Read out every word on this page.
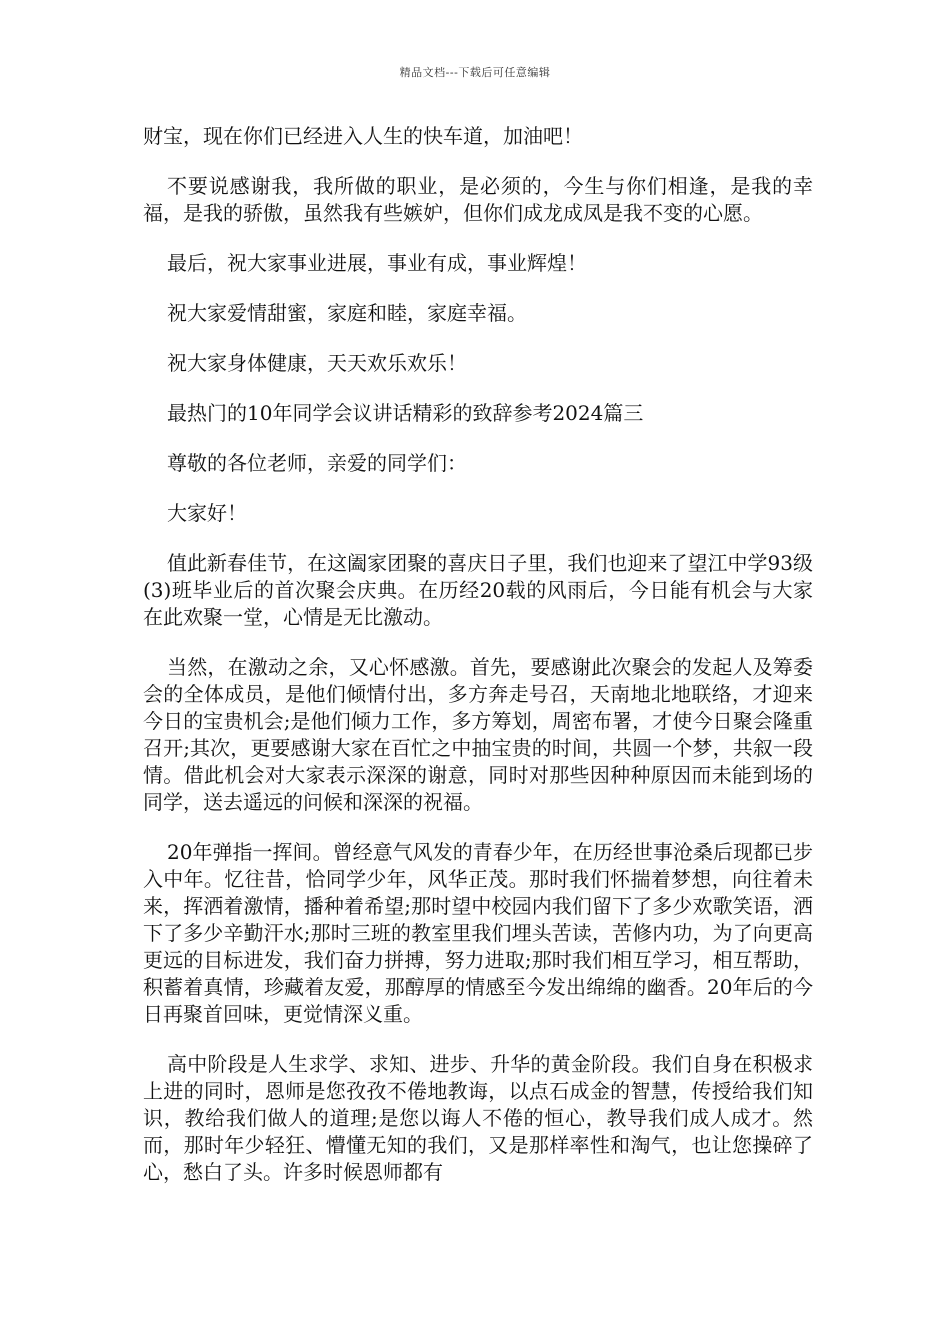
精品文档---下载后可任意编辑

财宝，现在你们已经进入人生的快车道，加油吧！

不要说感谢我，我所做的职业，是必须的，今生与你们相逢，是我的幸福，是我的骄傲，虽然我有些嫉妒，但你们成龙成凤是我不变的心愿。

最后，祝大家事业进展，事业有成，事业辉煌！

祝大家爱情甜蜜，家庭和睦，家庭幸福。

祝大家身体健康，天天欢乐欢乐！

最热门的10年同学会议讲话精彩的致辞参考2024篇三

尊敬的各位老师，亲爱的同学们：

大家好！

值此新春佳节，在这阖家团聚的喜庆日子里，我们也迎来了望江中学93级(3)班毕业后的首次聚会庆典。在历经20载的风雨后，今日能有机会与大家在此欢聚一堂，心情是无比激动。

当然，在激动之余，又心怀感激。首先，要感谢此次聚会的发起人及筹委会的全体成员，是他们倾情付出，多方奔走号召，天南地北地联络，才迎来今日的宝贵机会;是他们倾力工作，多方筹划，周密布署，才使今日聚会隆重召开;其次，更要感谢大家在百忙之中抽宝贵的时间，共圆一个梦，共叙一段情。借此机会对大家表示深深的谢意，同时对那些因种种原因而未能到场的同学，送去遥远的问候和深深的祝福。

20年弹指一挥间。曾经意气风发的青春少年，在历经世事沧桑后现都已步入中年。忆往昔，恰同学少年，风华正茂。那时我们怀揣着梦想，向往着未来，挥洒着激情，播种着希望;那时望中校园内我们留下了多少欢歌笑语，洒下了多少辛勤汗水;那时三班的教室里我们埋头苦读，苦修内功，为了向更高更远的目标进发，我们奋力拼搏，努力进取;那时我们相互学习，相互帮助，积蓄着真情，珍藏着友爱，那醇厚的情感至今发出绵绵的幽香。20年后的今日再聚首回味，更觉情深义重。

高中阶段是人生求学、求知、进步、升华的黄金阶段。我们自身在积极求上进的同时，恩师是您孜孜不倦地教诲，以点石成金的智慧，传授给我们知识，教给我们做人的道理;是您以诲人不倦的恒心，教导我们成人成才。然而，那时年少轻狂、懵懂无知的我们，又是那样率性和淘气，也让您操碎了心，愁白了头。许多时候恩师都有
